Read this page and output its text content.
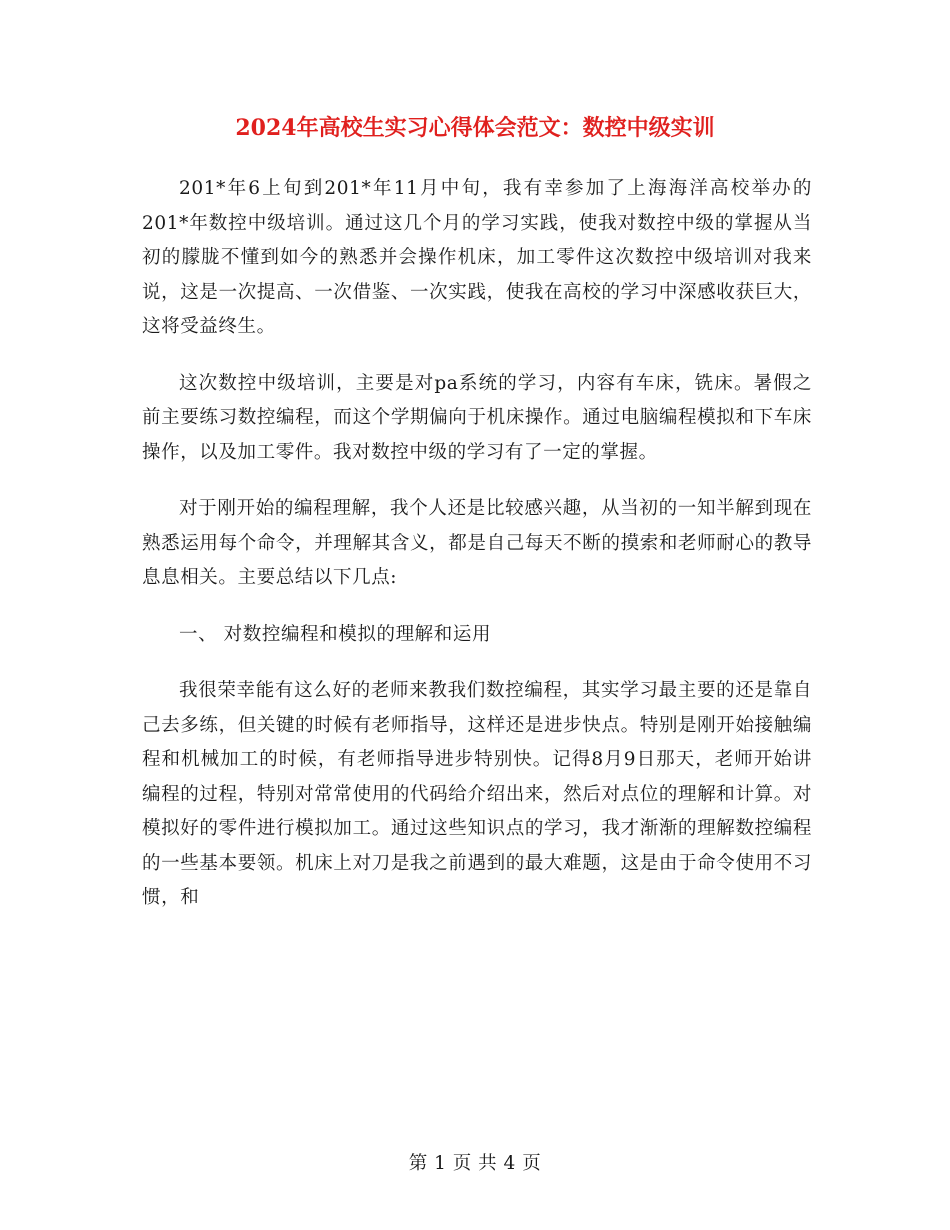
2024年高校生实习心得体会范文：数控中级实训

201*年6上旬到201*年11月中旬，我有幸参加了上海海洋高校举办的201*年数控中级培训。通过这几个月的学习实践，使我对数控中级的掌握从当初的朦胧不懂到如今的熟悉并会操作机床，加工零件这次数控中级培训对我来说，这是一次提高、一次借鉴、一次实践，使我在高校的学习中深感收获巨大，这将受益终生。

这次数控中级培训，主要是对pa系统的学习，内容有车床，铣床。暑假之前主要练习数控编程，而这个学期偏向于机床操作。通过电脑编程模拟和下车床操作，以及加工零件。我对数控中级的学习有了一定的掌握。

对于刚开始的编程理解，我个人还是比较感兴趣，从当初的一知半解到现在熟悉运用每个命令，并理解其含义，都是自己每天不断的摸索和老师耐心的教导息息相关。主要总结以下几点:

一、 对数控编程和模拟的理解和运用

我很荣幸能有这么好的老师来教我们数控编程，其实学习最主要的还是靠自己去多练，但关键的时候有老师指导，这样还是进步快点。特别是刚开始接触编程和机械加工的时候，有老师指导进步特别快。记得8月9日那天，老师开始讲编程的过程，特别对常常使用的代码给介绍出来，然后对点位的理解和计算。对模拟好的零件进行模拟加工。通过这些知识点的学习，我才渐渐的理解数控编程的一些基本要领。机床上对刀是我之前遇到的最大难题，这是由于命令使用不习惯，和

第 1 页 共 4 页
